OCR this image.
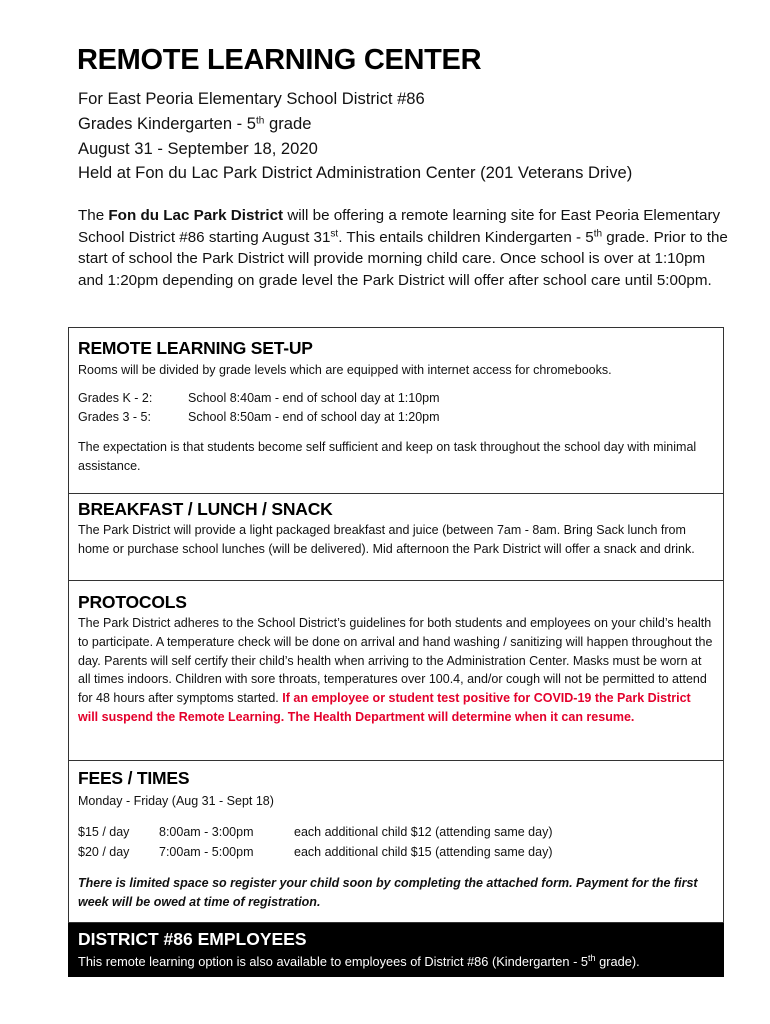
REMOTE LEARNING CENTER
For East Peoria Elementary School District #86
Grades Kindergarten - 5th grade
August 31 - September 18, 2020
Held at Fon du Lac Park District Administration Center (201 Veterans Drive)
The Fon du Lac Park District will be offering a remote learning site for East Peoria Elementary School District #86 starting August 31st. This entails children Kindergarten - 5th grade. Prior to the start of school the Park District will provide morning child care. Once school is over at 1:10pm and 1:20pm depending on grade level the Park District will offer after school care until 5:00pm.
REMOTE LEARNING SET-UP

Rooms will be divided by grade levels which are equipped with internet access for chromebooks.

Grades K - 2:	School 8:40am - end of school day at 1:10pm
Grades 3 - 5:	School 8:50am - end of school day at 1:20pm

The expectation is that students become self sufficient and keep on task throughout the school day with minimal assistance.

BREAKFAST / LUNCH / SNACK

The Park District will provide a light packaged breakfast and juice (between 7am - 8am. Bring Sack lunch from home or purchase school lunches (will be delivered). Mid afternoon the Park District will offer a snack and drink.

PROTOCOLS

The Park District adheres to the School District’s guidelines for both students and employees on your child’s health to participate. A temperature check will be done on arrival and hand washing / sanitizing will happen throughout the day. Parents will self certify their child’s health when arriving to the Administration Center. Masks must be worn at all times indoors. Children with sore throats, temperatures over 100.4, and/or cough will not be permitted to attend for 48 hours after symptoms started. If an employee or student test positive for COVID-19 the Park District will suspend the Remote Learning. The Health Department will determine when it can resume.

FEES / TIMES

Monday - Friday (Aug 31 - Sept 18)

$15 / day	8:00am - 3:00pm	each additional child $12 (attending same day)
$20 / day	7:00am - 5:00pm	each additional child $15 (attending same day)

There is limited space so register your child soon by completing the attached form. Payment for the first week will be owed at time of registration.

DISTRICT #86 EMPLOYEES

This remote learning option is also available to employees of District #86 (Kindergarten - 5th grade).
